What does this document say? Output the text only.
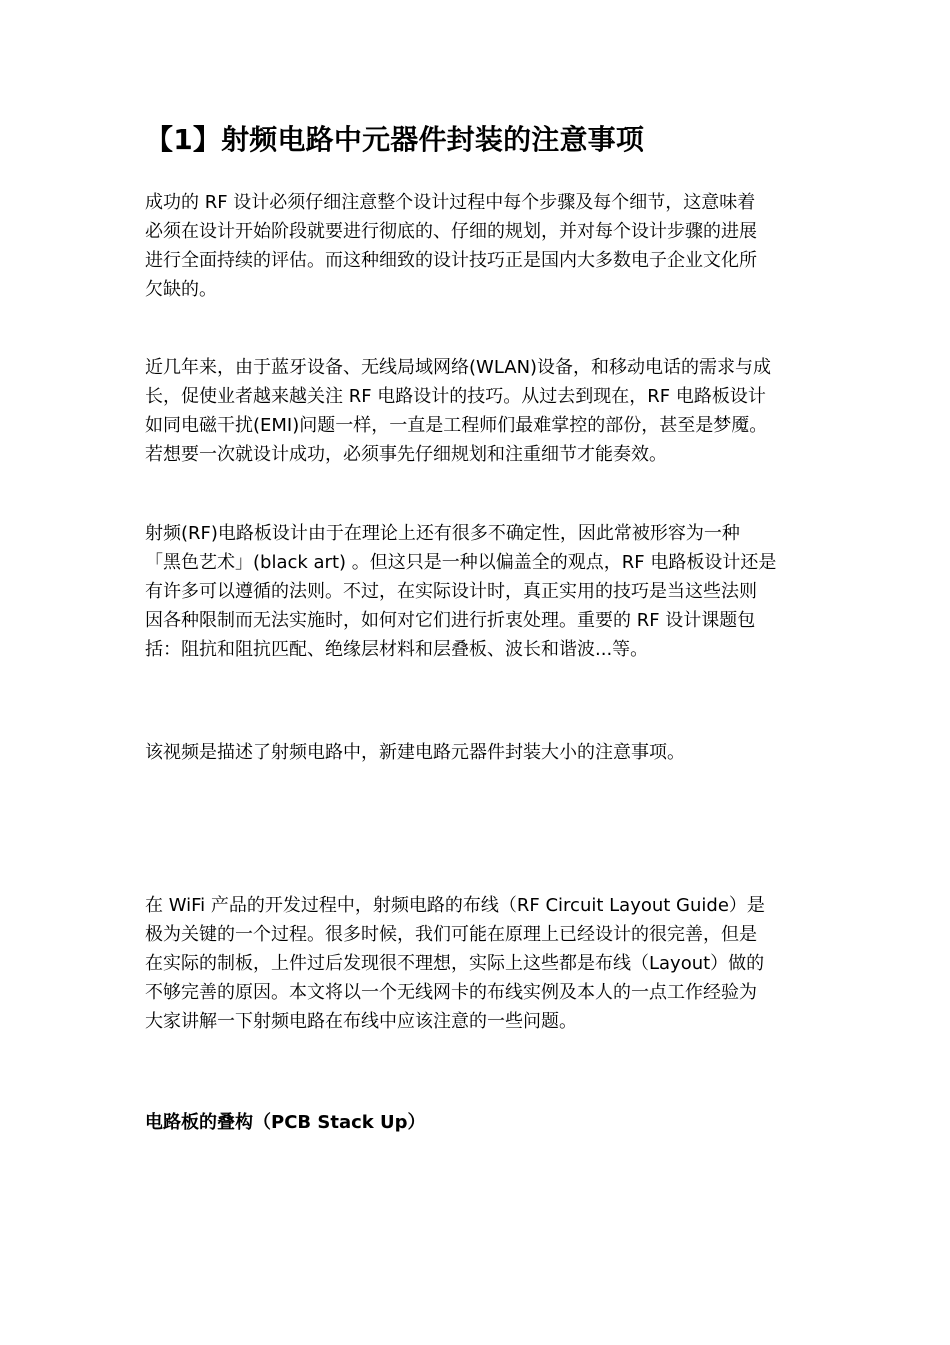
【1】射频电路中元器件封装的注意事项

成功的 RF 设计必须仔细注意整个设计过程中每个步骤及每个细节，这意味着
必须在设计开始阶段就要进行彻底的、仔细的规划，并对每个设计步骤的进展
进行全面持续的评估。而这种细致的设计技巧正是国内大多数电子企业文化所
欠缺的。

近几年来，由于蓝牙设备、无线局域网络(WLAN)设备，和移动电话的需求与成
长，促使业者越来越关注 RF 电路设计的技巧。从过去到现在，RF 电路板设计
如同电磁干扰(EMI)问题一样，一直是工程师们最难掌控的部份，甚至是梦魇。
若想要一次就设计成功，必须事先仔细规划和注重细节才能奏效。

射频(RF)电路板设计由于在理论上还有很多不确定性，因此常被形容为一种
「黑色艺术」(black art) 。但这只是一种以偏盖全的观点，RF 电路板设计还是
有许多可以遵循的法则。不过，在实际设计时，真正实用的技巧是当这些法则
因各种限制而无法实施时，如何对它们进行折衷处理。重要的 RF 设计课题包
括：阻抗和阻抗匹配、绝缘层材料和层叠板、波长和谐波...等。

该视频是描述了射频电路中，新建电路元器件封装大小的注意事项。

在 WiFi 产品的开发过程中，射频电路的布线（RF Circuit Layout Guide）是
极为关键的一个过程。很多时候，我们可能在原理上已经设计的很完善，但是
在实际的制板，上件过后发现很不理想，实际上这些都是布线（Layout）做的
不够完善的原因。本文将以一个无线网卡的布线实例及本人的一点工作经验为
大家讲解一下射频电路在布线中应该注意的一些问题。

电路板的叠构（PCB Stack Up）
